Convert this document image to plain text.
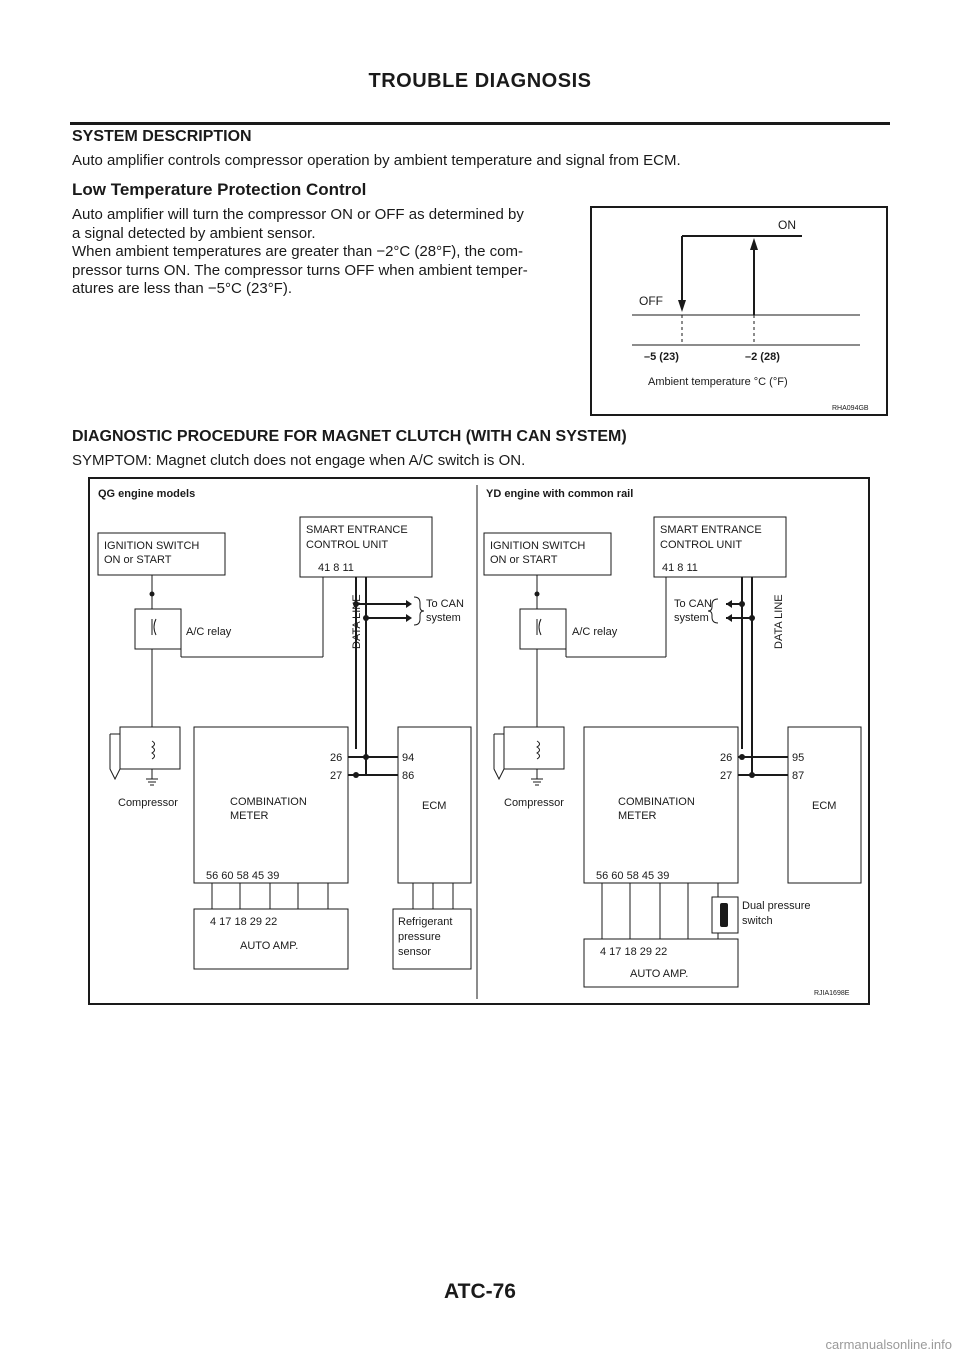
TROUBLE DIAGNOSIS
SYSTEM DESCRIPTION
Auto amplifier controls compressor operation by ambient temperature and signal from ECM.
Low Temperature Protection Control
Auto amplifier will turn the compressor ON or OFF as determined by
a signal detected by ambient sensor.
When ambient temperatures are greater than −2°C (28°F), the com-
pressor turns ON. The compressor turns OFF when ambient temper-
atures are less than −5°C (23°F).
ON
OFF
–5 (23)	–2 (28)
Ambient temperature °C (°F)
RHA094GB
DIAGNOSTIC PROCEDURE FOR MAGNET CLUTCH (WITH CAN SYSTEM)
SYMPTOM: Magnet clutch does not engage when A/C switch is ON.
QG engine models
IGNITION SWITCH
ON or START
SMART ENTRANCE
CONTROL UNIT
41 8 11
DATA LINE	To CAN
system
A/C relay
Compressor	COMBINATION
METER
26
27
94
86
ECM
56 60 58 45 39
4 17 18 29 22
AUTO AMP.
Refrigerant
pressure
sensor
YD engine with common rail
IGNITION SWITCH
ON or START
SMART ENTRANCE
CONTROL UNIT
41 8 11
DATA LINE
To CAN
system
A/C relay
Compressor	COMBINATION
METER
26
27
95
87
ECM
56 60 58 45 39
4 17 18 29 22
AUTO AMP.
Dual pressure
switch
RJIA1698E
ATC-76
carmanualsonline.info
